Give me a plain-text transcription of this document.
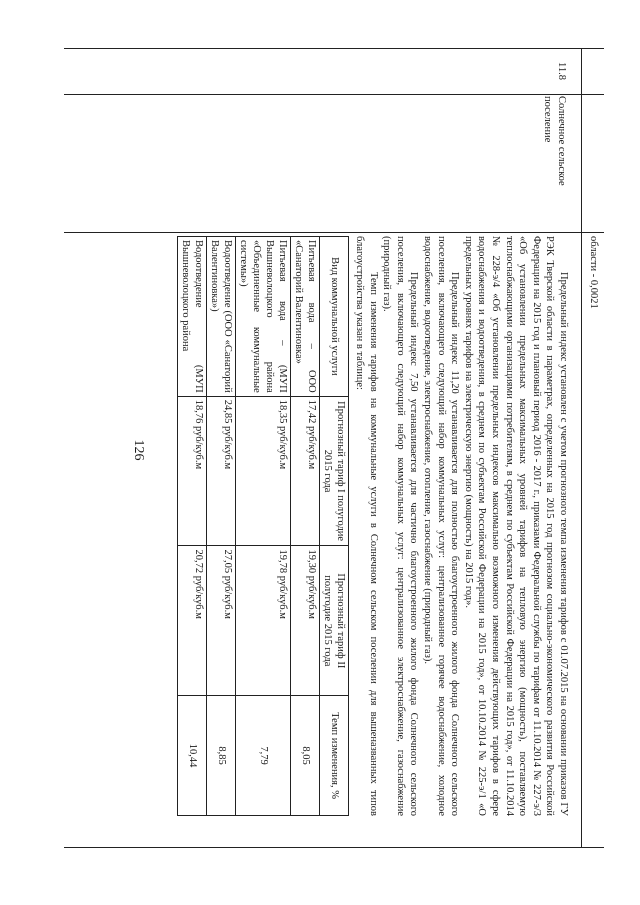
126
области - 0,0021
11.8
Солнечное сельское поселение

Предельный индекс установлен с учетом прогнозного темпа изменения тарифов с 01.07.2015 на основании приказов ГУ РЭК Тверской области в параметрах, определенных на 2015 год прогнозом социально-экономического развития Российской Федерации на 2015 год и плановый период 2016 - 2017 г., приказами Федеральной службы по тарифам от 11.10.2014 № 227-э/3 «Об установлении предельных максимальных уровней тарифов на тепловую энергию (мощность), поставляемую теплоснабжающими организациями потребителям, в среднем по субъектам Российской Федерации на 2015 год», от 11.10.2014 № 228-э/4 «Об установлении предельных индексов максимально возможного изменения действующих тарифов в сфере водоснабжения и водоотведения, в среднем по субъектам Российской Федерации на 2015 год», от 10.10.2014 № 225-э/1 «О предельных уровнях тарифов на электрическую энергию (мощность) на 2015 год».

Предельный индекс 11,20 устанавливается для полностью благоустроенного жилого фонда Солнечного сельского поселения, включающего следующий набор коммунальных услуг: централизованное горячее водоснабжение, холодное водоснабжение, водоотведение, электроснабжение, отопление, газоснабжение (природный газ).

Предельный индекс 7,50 устанавливается для частично благоустроенного жилого фонда Солнечного сельского поселения, включающего следующий набор коммунальных услуг: централизованное электроснабжение, газоснабжение (природный газ).

Темп изменения тарифов на коммунальные услуги в Солнечном сельском поселении для вышеназванных типов благоустройства указан в таблице:

Вид коммунальной услуги	Прогнозный тариф I полугодие 2015 года	Прогнозный тариф II полугодие 2015 года	Темп изменения, %
Питьевая вода – ООО «Санаторий Валентиновка»	17,42 руб/куб.м	19,30 руб/куб.м	8,05
Питьевая вода – (МУП Вышневолоцкого района «Объединенные коммунальные системы»)	18,35 руб/куб.м	19,78 руб/куб.м	7,79
Водоотведение (ООО «Санаторий Валентиновка»)	24,85 руб/куб.м	27,05 руб/куб.м	8,85
Водоотведение (МУП Вышневолоцкого района	18,76 руб/куб.м	20,72 руб/куб.м	10,44
